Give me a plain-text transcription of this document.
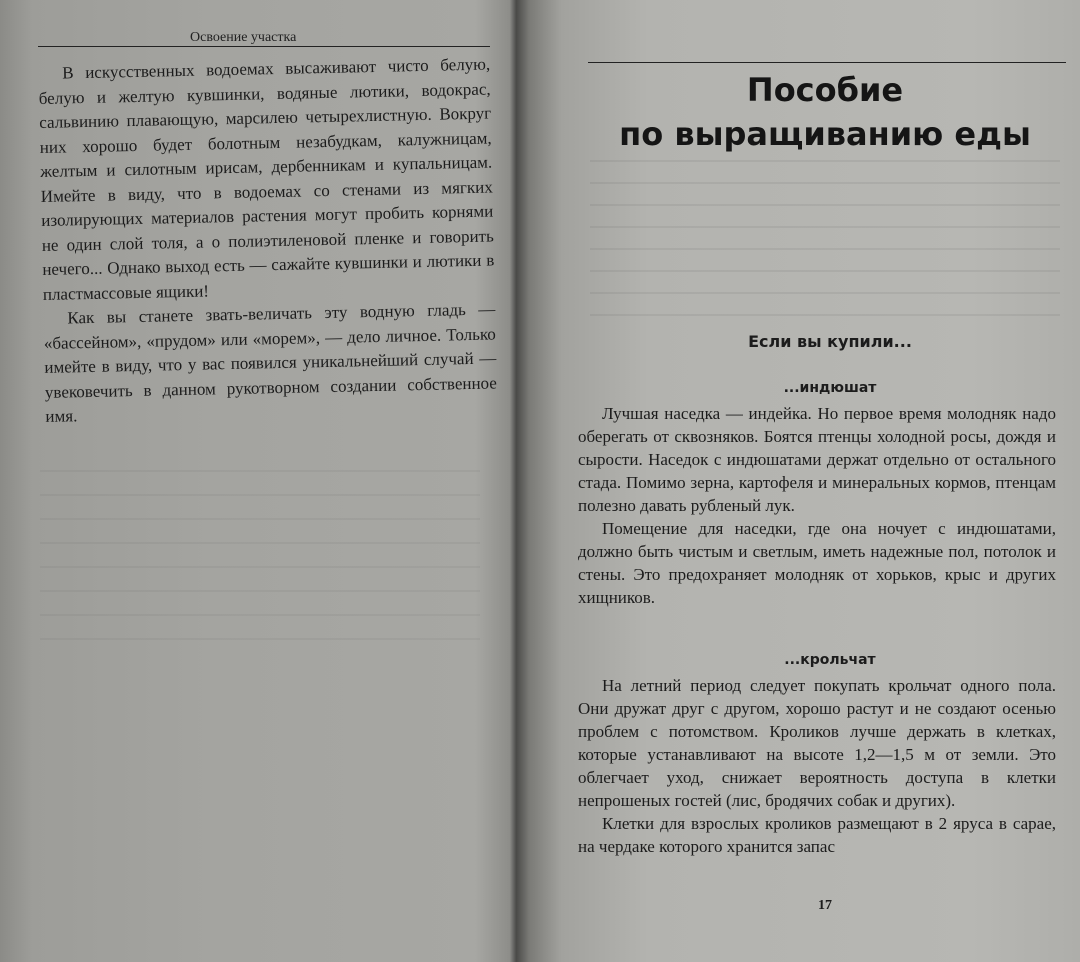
Освоение участка

В искусственных водоемах высаживают чисто белую, белую и желтую кувшинки, водяные лютики, водокрас, сальвинию плавающую, марсилею четырехлистную. Вокруг них хорошо будет болотным незабудкам, калужницам, желтым и силотным ирисам, дербенникам и купальницам. Имейте в виду, что в водоемах со стенами из мягких изолирующих материалов растения могут пробить корнями не один слой толя, а о полиэтиленовой пленке и говорить нечего... Однако выход есть — сажайте кувшинки и лютики в пластмассовые ящики!

Как вы станете звать-величать эту водную гладь — «бассейном», «прудом» или «морем», — дело личное. Только имейте в виду, что у вас появился уникальнейший случай — увековечить в данном рукотворном создании собственное имя.

Пособие
по выращиванию еды
Если вы купили...
...индюшат

Лучшая наседка — индейка. Но первое время молодняк надо оберегать от сквозняков. Боятся птенцы холодной росы, дождя и сырости. Наседок с индюшатами держат отдельно от остального стада. Помимо зерна, картофеля и минеральных кормов, птенцам полезно давать рубленый лук.

Помещение для наседки, где она ночует с индюшатами, должно быть чистым и светлым, иметь надежные пол, потолок и стены. Это предохраняет молодняк от хорьков, крыс и других хищников.

...крольчат

На летний период следует покупать крольчат одного пола. Они дружат друг с другом, хорошо растут и не создают осенью проблем с потомством. Кроликов лучше держать в клетках, которые устанавливают на высоте 1,2—1,5 м от земли. Это облегчает уход, снижает вероятность доступа в клетки непрошеных гостей (лис, бродячих собак и других).

Клетки для взрослых кроликов размещают в 2 яруса в сарае, на чердаке которого хранится запас

17
